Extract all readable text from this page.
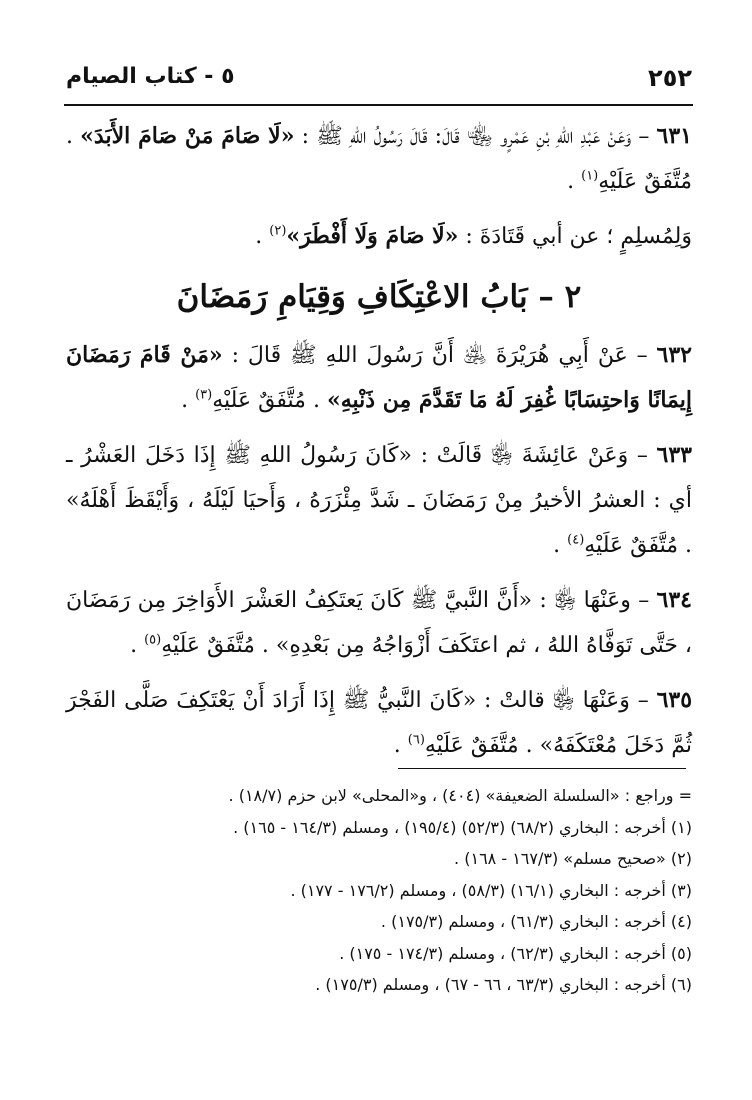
٢٥٢
٥ - كتاب الصيام

٦٣١ – وَعَنْ عَبْدِ اللهِ بْنِ عَمْرٍو ﵄ قَالَ: قَالَ رَسُولُ اللهِ ﷺ : «لَا صَامَ مَنْ صَامَ الأَبَدَ» . مُتَّفَقٌ عَلَيْهِ$^{(١)}$ .

وَلِمُسلِمٍ ؛ عن أبي قَتَادَةَ : «لَا صَامَ وَلَا أَفْطَرَ»$^{(٢)}$ .

٢ – بَابُ الاعْتِكَافِ وَقِيَامِ رَمَضَانَ

٦٣٢ – عَنْ أَبِي هُرَيْرَةَ ﵁ أَنَّ رَسُولَ اللهِ ﷺ قَالَ : «مَنْ قَامَ رَمَضَانَ إِيمَانًا وَاحتِسَابًا غُفِرَ لَهُ مَا تَقَدَّمَ مِن ذَنْبِهِ» . مُتَّفَقٌ عَلَيْهِ$^{(٣)}$ .

٦٣٣ – وَعَنْ عَائِشَةَ ﵂ قَالَتْ : «كَانَ رَسُولُ اللهِ ﷺ إِذَا دَخَلَ العَشْرُ ـ أي : العشرُ الأخيرُ مِنْ رَمَضَانَ ـ شَدَّ مِئْزَرَهُ ، وَأَحيَا لَيْلَهُ ، وَأَيْقَظَ أَهْلَهُ» . مُتَّفَقٌ عَلَيْهِ$^{(٤)}$ .

٦٣٤ – وعَنْهَا ﵂ : «أَنَّ النَّبيَّ ﷺ كَانَ يَعتَكِفُ العَشْرَ الأَوَاخِرَ مِن رَمَضَانَ ، حَتَّى تَوَفَّاهُ اللهُ ، ثم اعتَكَفَ أَزْوَاجُهُ مِن بَعْدِهِ» . مُتَّفَقٌ عَلَيْهِ$^{(٥)}$ .

٦٣٥ – وَعَنْهَا ﵂ قالتْ : «كَانَ النَّبيُّ ﷺ إِذَا أَرَادَ أَنْ يَعْتَكِفَ صَلَّى الفَجْرَ ثُمَّ دَخَلَ مُعْتَكَفَهُ» . مُتَّفَقٌ عَلَيْهِ$^{(٦)}$ .

= وراجع : «السلسلة الضعيفة» (٤٠٤) ، و«المحلى» لابن حزم (١٨/٧) .

(١) أخرجه : البخاري (٦٨/٢) (٥٢/٣) (١٩٥/٤) ، ومسلم (١٦٤/٣ - ١٦٥) .

(٢) «صحيح مسلم» (١٦٧/٣ - ١٦٨) .

(٣) أخرجه : البخاري (١٦/١) (٥٨/٣) ، ومسلم (١٧٦/٢ - ١٧٧) .

(٤) أخرجه : البخاري (٦١/٣) ، ومسلم (١٧٥/٣) .

(٥) أخرجه : البخاري (٦٢/٣) ، ومسلم (١٧٤/٣ - ١٧٥) .

(٦) أخرجه : البخاري (٦٣/٣ ، ٦٦ - ٦٧) ، ومسلم (١٧٥/٣) .
